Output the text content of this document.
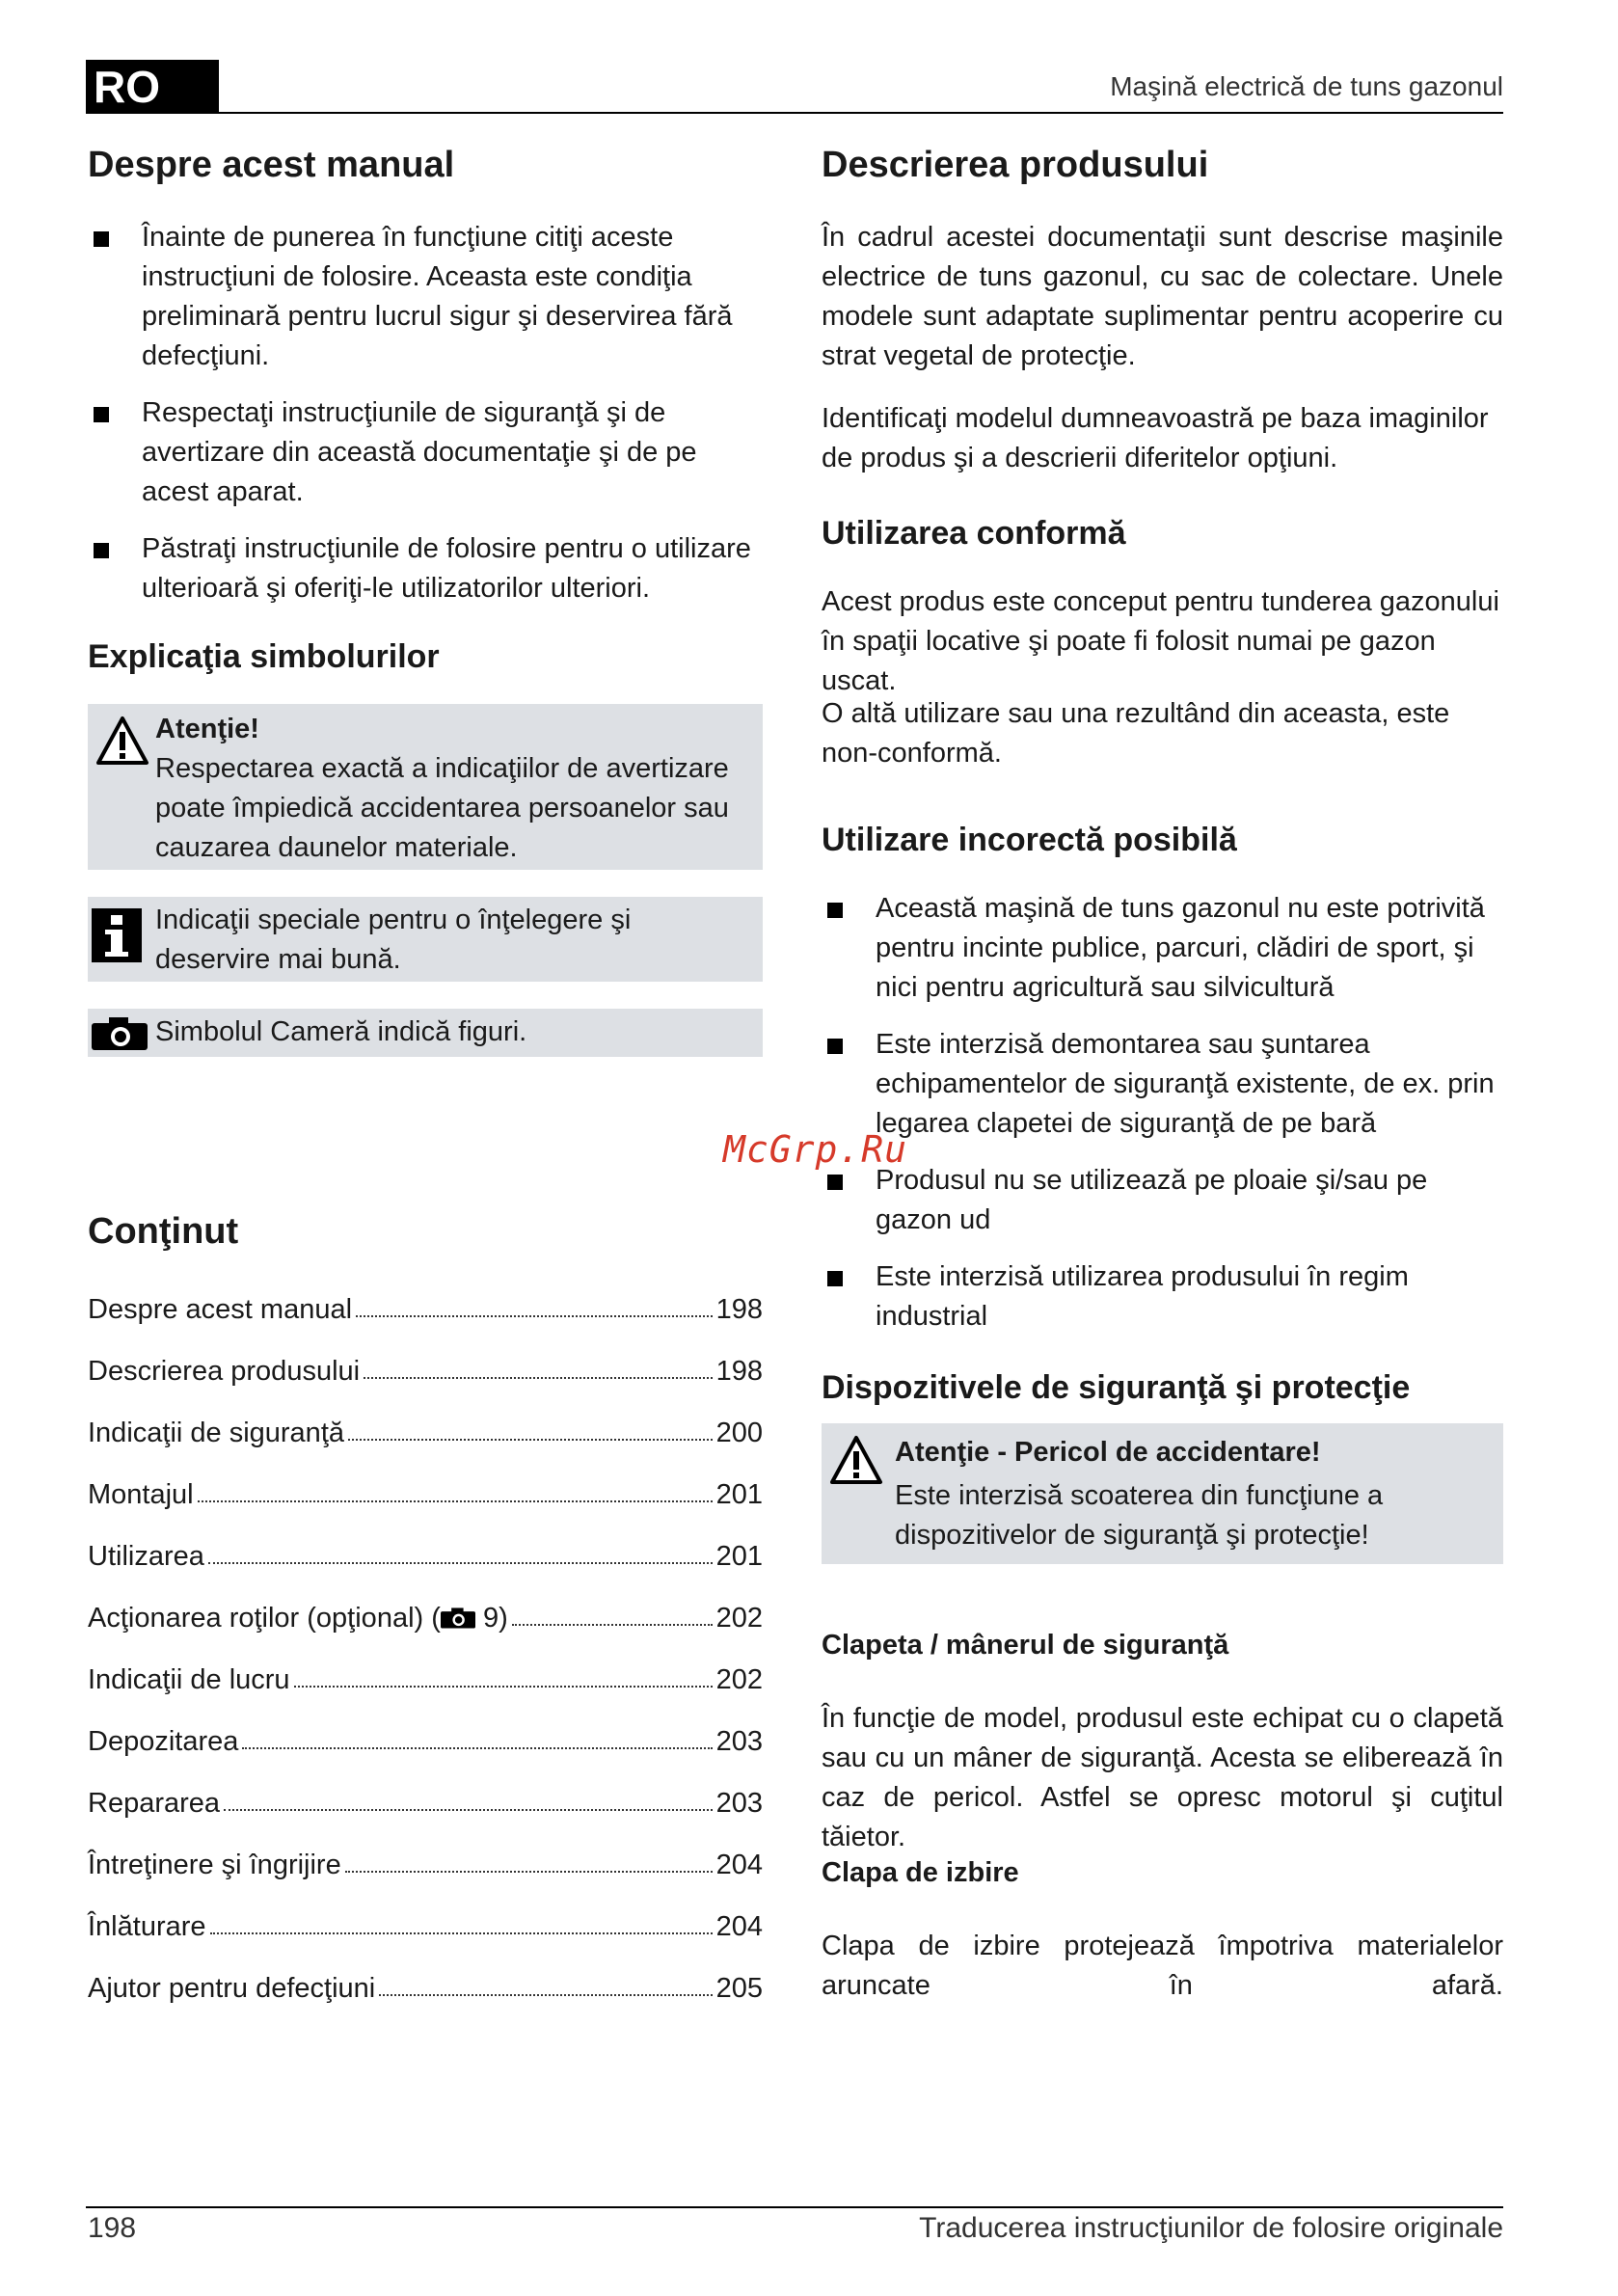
RO	Maşină electrică de tuns gazonul
Despre acest manual
Înainte de punerea în funcţiune citiţi aceste instrucţiuni de folosire. Aceasta este condiţia preliminară pentru lucrul sigur şi deservirea fără defecţiuni.
Respectaţi instrucţiunile de siguranţă şi de avertizare din această documentaţie şi de pe acest aparat.
Păstraţi instrucţiunile de folosire pentru o utilizare ulterioară şi oferiţi-le utilizatorilor ulteriori.
Explicaţia simbolurilor
Atenţie!
Respectarea exactă a indicaţiilor de avertizare poate împiedică accidentarea persoanelor sau cauzarea daunelor materiale.
Indicaţii speciale pentru o înţelegere şi deservire mai bună.
Simbolul Cameră indică figuri.
McGrp.Ru
Conţinut
Despre acest manual	198
Descrierea produsului	198
Indicaţii de siguranţă	200
Montajul	201
Utilizarea	201
Acţionarea roţilor (opţional) ( 9)	202
Indicaţii de lucru	202
Depozitarea	203
Repararea	203
Întreţinere şi îngrijire	204
Înlăturare	204
Ajutor pentru defecţiuni	205
Descrierea produsului
În cadrul acestei documentaţii sunt descrise maşinile electrice de tuns gazonul, cu sac de colectare. Unele modele sunt adaptate suplimentar pentru acoperire cu strat vegetal de protecţie.
Identificaţi modelul dumneavoastră pe baza imaginilor de produs şi a descrierii diferitelor opţiuni.
Utilizarea conformă
Acest produs este conceput pentru tunderea gazonului în spaţii locative şi poate fi folosit numai pe gazon uscat.
O altă utilizare sau una rezultând din aceasta, este non-conformă.
Utilizare incorectă posibilă
Această maşină de tuns gazonul nu este potrivită pentru incinte publice, parcuri, clădiri de sport, şi nici pentru agricultură sau silvicultură
Este interzisă demontarea sau şuntarea echipamentelor de siguranţă existente, de ex. prin legarea clapetei de siguranţă de pe bară
Produsul nu se utilizează pe ploaie şi/sau pe gazon ud
Este interzisă utilizarea produsului în regim industrial
Dispozitivele de siguranţă şi protecţie
Atenţie - Pericol de accidentare!
Este interzisă scoaterea din funcţiune a dispozitivelor de siguranţă şi protecţie!
Clapeta / mânerul de siguranţă
În funcţie de model, produsul este echipat cu o clapetă sau cu un mâner de siguranţă. Acesta se eliberează în caz de pericol. Astfel se opresc motorul şi cuţitul tăietor.
Clapa de izbire
Clapa de izbire protejează împotriva materialelor aruncate în afară.
198	Traducerea instrucţiunilor de folosire originale
